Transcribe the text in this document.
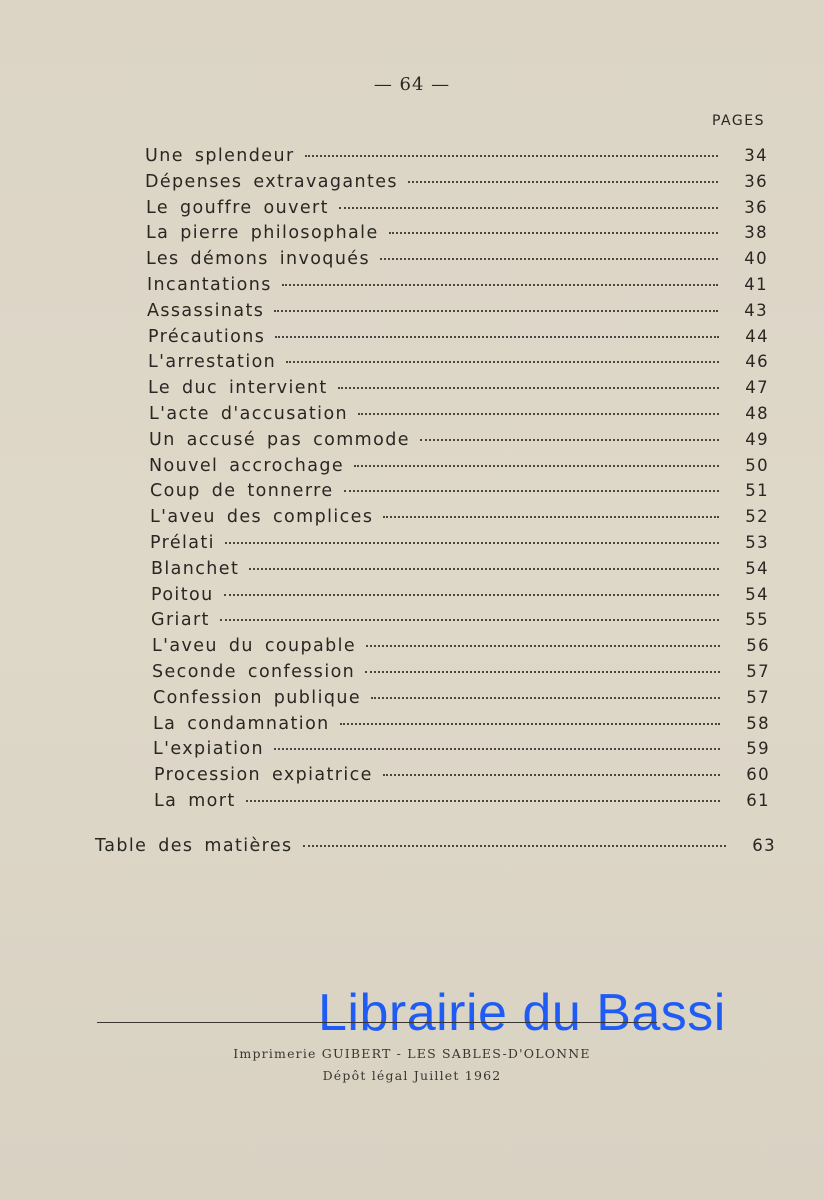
— 64 —
PAGES
Une splendeur	34
Dépenses extravagantes	36
Le gouffre ouvert	36
La pierre philosophale	38
Les démons invoqués	40
Incantations	41
Assassinats	43
Précautions	44
L'arrestation	46
Le duc intervient	47
L'acte d'accusation	48
Un accusé pas commode	49
Nouvel accrochage	50
Coup de tonnerre	51
L'aveu des complices	52
Prélati	53
Blanchet	54
Poitou	54
Griart	55
L'aveu du coupable	56
Seconde confession	57
Confession publique	57
La condamnation	58
L'expiation	59
Procession expiatrice	60
La mort	61
Table des matières	63
Librairie du Bassi
Imprimerie GUIBERT - LES SABLES-D'OLONNE
Dépôt légal Juillet 1962
